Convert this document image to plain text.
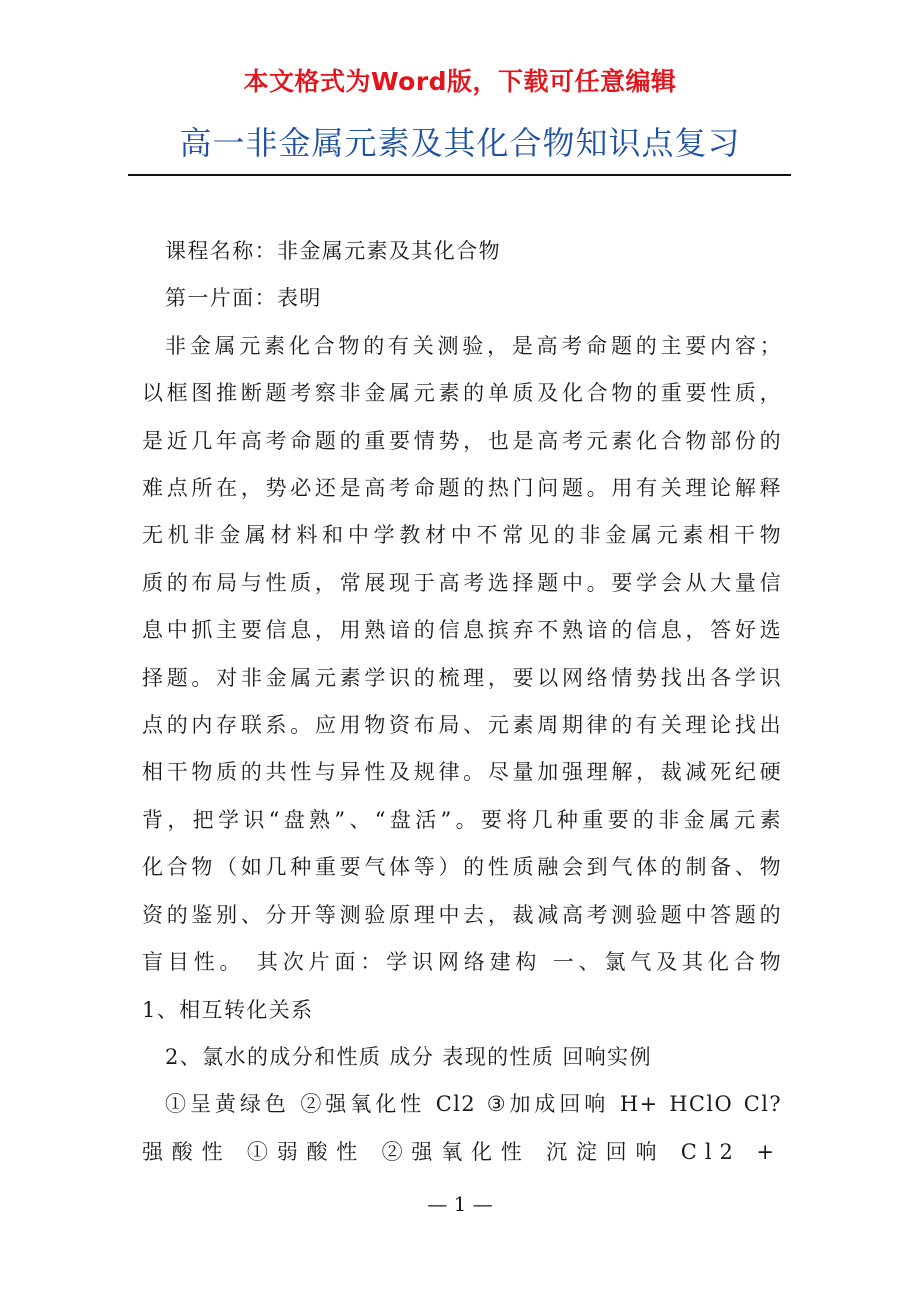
本文格式为Word版，下载可任意编辑
高一非金属元素及其化合物知识点复习

课程名称：非金属元素及其化合物

第一片面：表明

非金属元素化合物的有关测验，是高考命题的主要内容；

以框图推断题考察非金属元素的单质及化合物的重要性质，

是近几年高考命题的重要情势，也是高考元素化合物部份的

难点所在，势必还是高考命题的热门问题。用有关理论解释

无机非金属材料和中学教材中不常见的非金属元素相干物

质的布局与性质，常展现于高考选择题中。要学会从大量信

息中抓主要信息，用熟谙的信息摈弃不熟谙的信息，答好选

择题。对非金属元素学识的梳理，要以网络情势找出各学识

点的内存联系。应用物资布局、元素周期律的有关理论找出

相干物质的共性与异性及规律。尽量加强理解，裁减死纪硬

背，把学识“盘熟”、“盘活”。要将几种重要的非金属元素

化合物（如几种重要气体等）的性质融会到气体的制备、物

资的鉴别、分开等测验原理中去，裁减高考测验题中答题的

盲目性。 其次片面：学识网络建构 一、氯气及其化合物

1、相互转化关系

2、氯水的成分和性质 成分 表现的性质 回响实例

①呈黄绿色 ②强氧化性 Cl2 ③加成回响 H+ HClO Cl?

强酸性 ①弱酸性 ②强氧化性 沉淀回响 Cl2 +

— 1 —
